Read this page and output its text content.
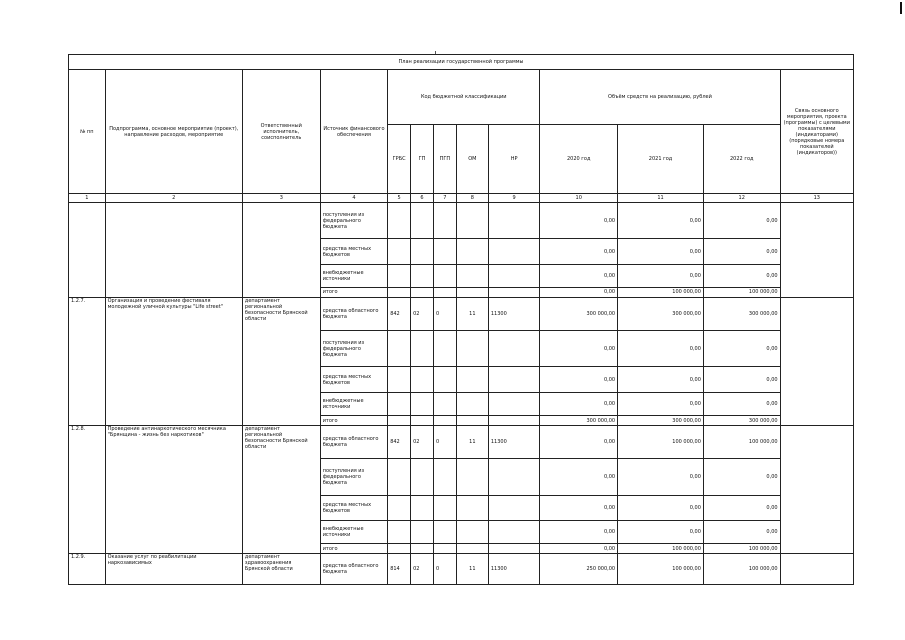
План реализации государственной программы												
№ пп	Подпрограмма, основное мероприятие (проект), направление расходов, мероприятие	Ответственный исполнитель, соисполнитель	Источник финансового обеспечения	Код бюджетной классификации					Объём средств на реализацию, рублей			Связь основного мероприятия, проекта (программы) с целевыми показателями (индикаторами) (порядковые номера показателей (индикаторов))
				ГРБС	ГП	ПГП	ОМ	НР	2020 год	2021 год	2022 год	
1	2	3	4	5	6	7	8	9	10	11	12	13
			поступления из федерального бюджета						0,00	0,00	0,00	
			средства местных бюджетов						0,00	0,00	0,00	
			внебюджетные источники						0,00	0,00	0,00	
			итого						0,00	100 000,00	100 000,00	
1.2.7.	Организация и проведение фестиваля молодежной уличной культуры "Life street"	департамент региональной безопасности Брянской области	средства областного бюджета	842	02	0	11	11300	300 000,00	300 000,00	300 000,00	
			поступления из федерального бюджета						0,00	0,00	0,00	
			средства местных бюджетов						0,00	0,00	0,00	
			внебюджетные источники						0,00	0,00	0,00	
			итого						300 000,00	300 000,00	300 000,00	
1.2.8.	Проведение антинаркотического месячника "Брянщина - жизнь без наркотиков"	департамент региональной безопасности Брянской области	средства областного бюджета	842	02	0	11	11300	0,00	100 000,00	100 000,00	
			поступления из федерального бюджета						0,00	0,00	0,00	
			средства местных бюджетов						0,00	0,00	0,00	
			внебюджетные источники						0,00	0,00	0,00	
			итого						0,00	100 000,00	100 000,00	
1.2.9.	Оказание услуг по реабилитации наркозависимых	департамент здравоохранения Брянской области	средства областного бюджета	814	02	0	11	11300	250 000,00	100 000,00	100 000,00	
